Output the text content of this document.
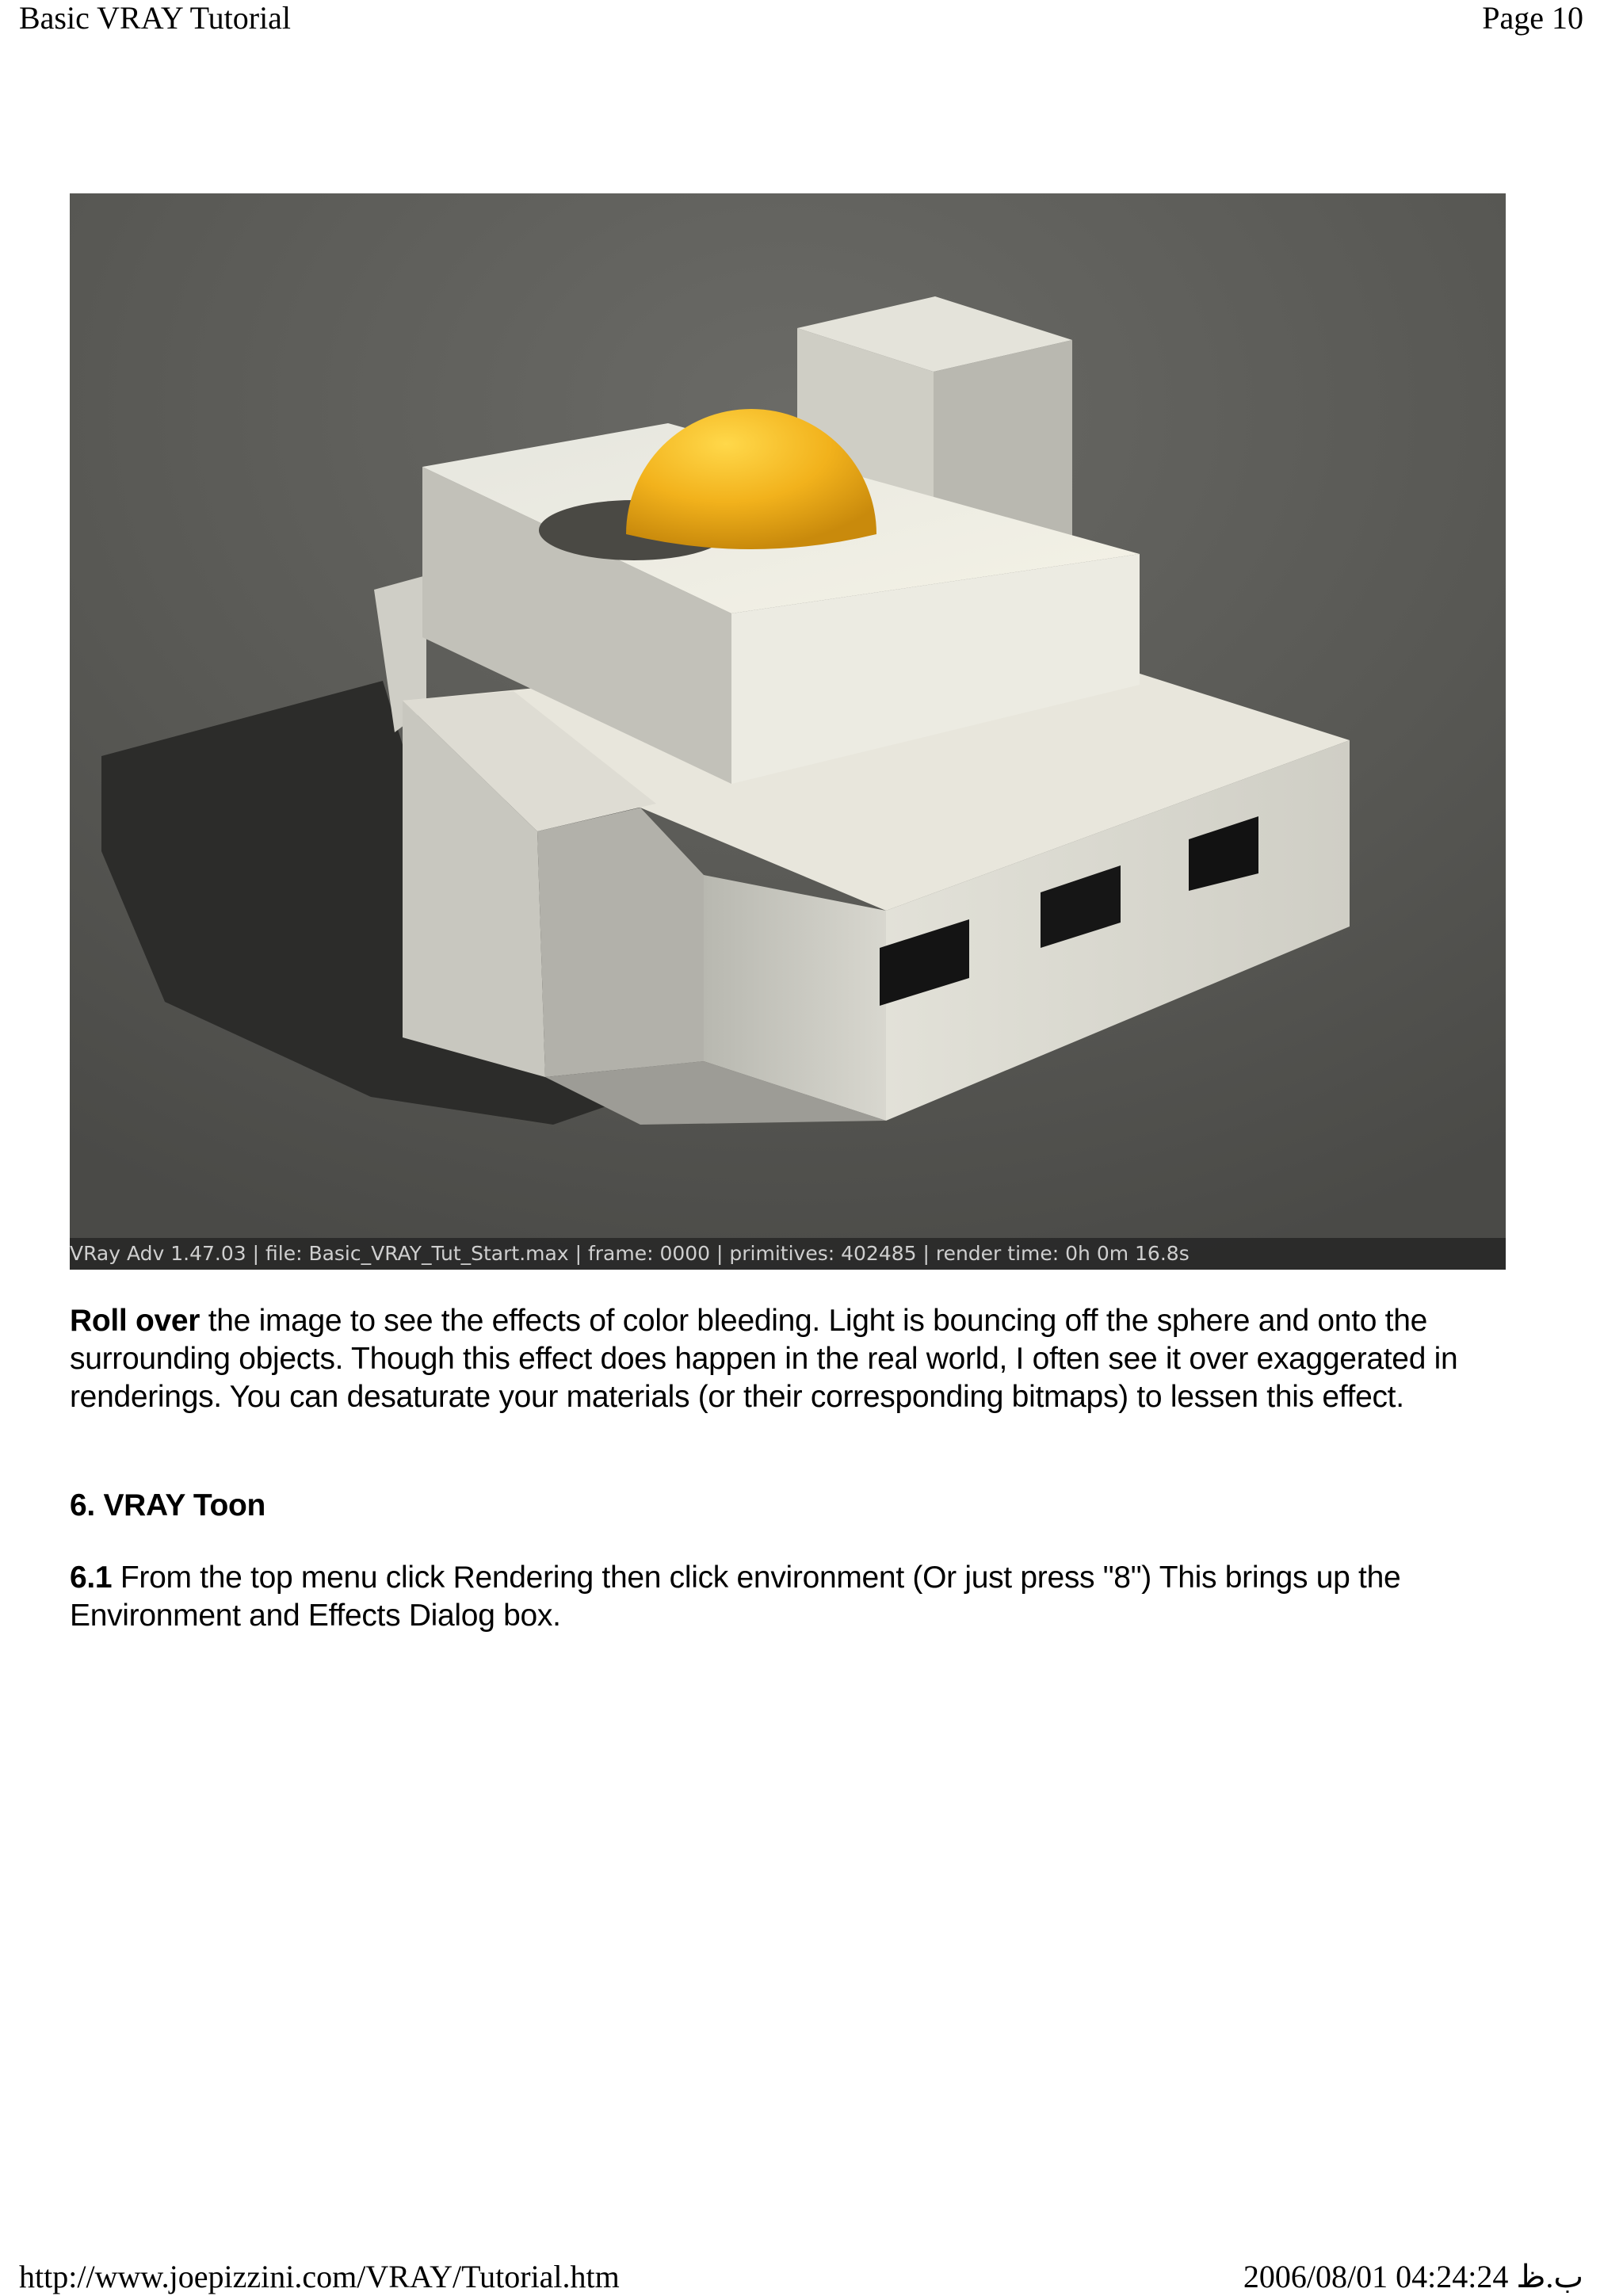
Basic VRAY Tutorial	Page 10
VRay Adv 1.47.03 | file: Basic_VRAY_Tut_Start.max | frame: 0000 | primitives: 402485 | render time: 0h 0m 16.8s
Roll over the image to see the effects of color bleeding. Light is bouncing off the sphere and onto the surrounding objects. Though this effect does happen in the real world, I often see it over exaggerated in renderings. You can desaturate your materials (or their corresponding bitmaps) to lessen this effect.
6. VRAY Toon
6.1 From the top menu click Rendering then click environment (Or just press "8") This brings up the Environment and Effects Dialog box.
http://www.joepizzini.com/VRAY/Tutorial.htm	2006/08/01 04:24:24 ب.ظ
